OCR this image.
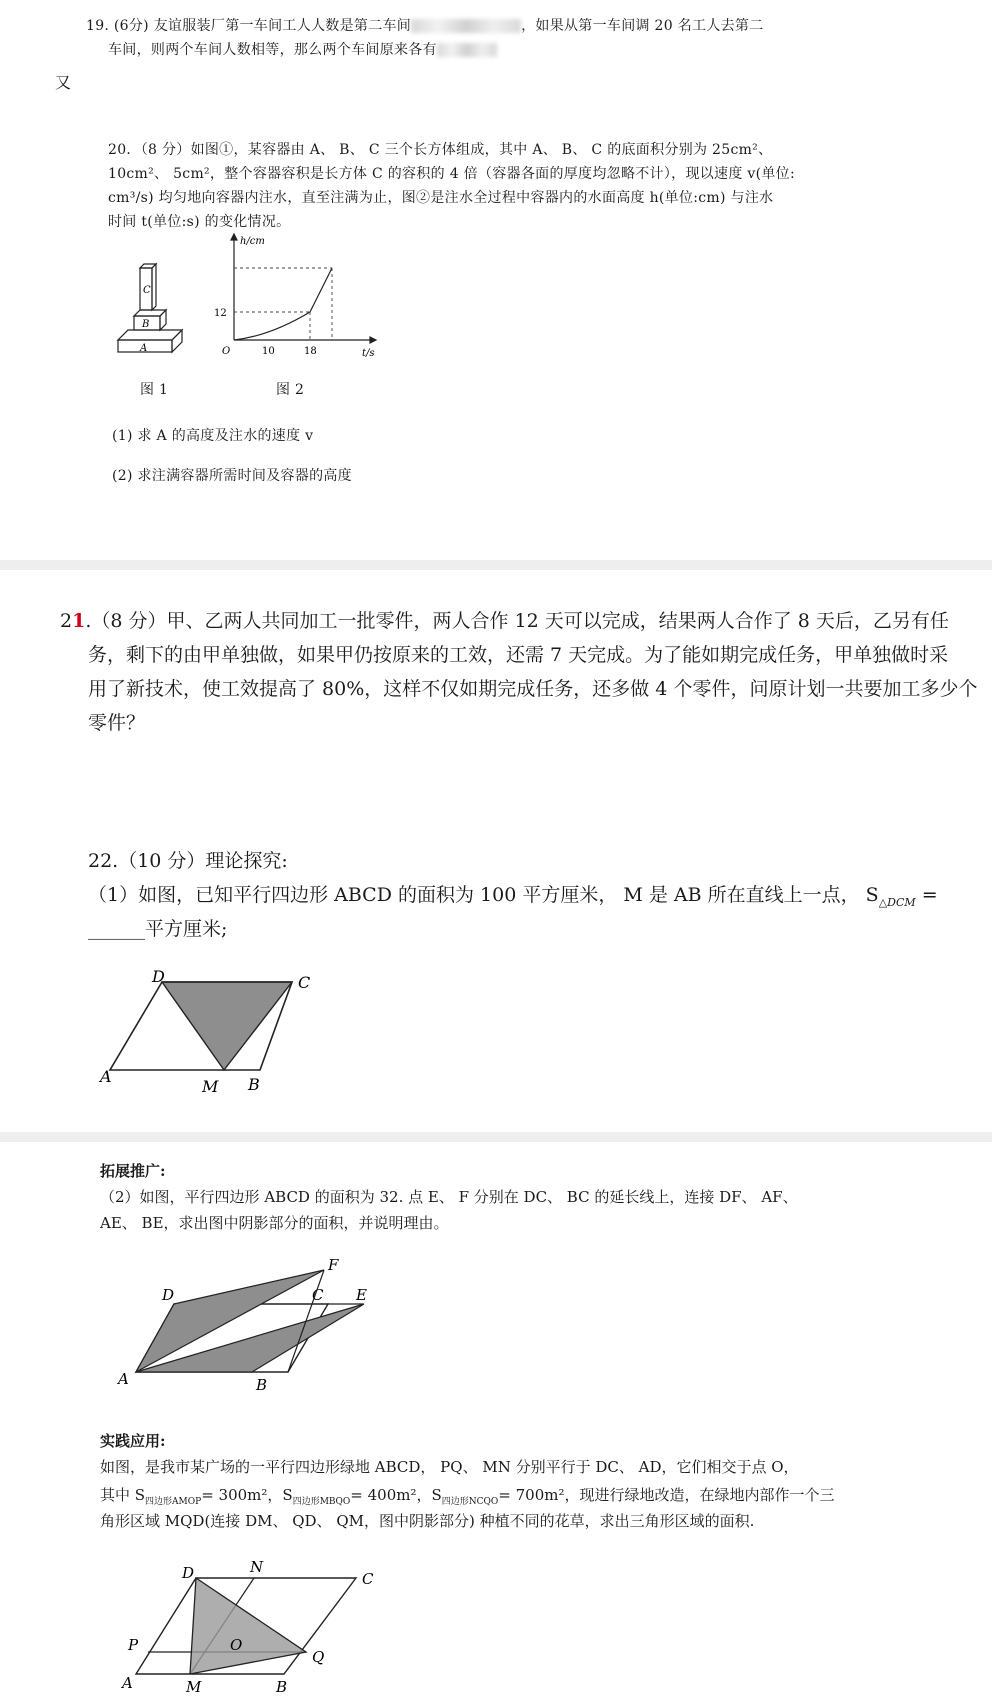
19. (6分) 友谊服装厂第一车间工人人数是第二车间	，如果从第一车间调 20 名工人去第二

车间，则两个车间人数相等，那么两个车间原来各有

又

20．（8 分）如图①，某容器由 A、 B、 C 三个长方体组成，其中 A、 B、 C 的底面积分别为 25cm²、

10cm²、 5cm²，整个容器容积是长方体 C 的容积的 4 倍（容器各面的厚度均忽略不计），现以速度 v(单位:

cm³/s) 均匀地向容器内注水，直至注满为止，图②是注水全过程中容器内的水面高度 h(单位:cm) 与注水

时间 t(单位:s) 的变化情况。

C
B
A

图 1

h/cm
t/s
O
12
10	18

图 2

(1) 求 A 的高度及注水的速度 v

(2) 求注满容器所需时间及容器的高度

21.（8 分）甲、乙两人共同加工一批零件，两人合作 12 天可以完成，结果两人合作了 8 天后，乙另有任

务，剩下的由甲单独做，如果甲仍按原来的工效，还需 7 天完成。为了能如期完成任务，甲单独做时采

用了新技术，使工效提高了 80%，这样不仅如期完成任务，还多做 4 个零件，问原计划一共要加工多少个

零件？

22.（10 分）理论探究:

（1）如图，已知平行四边形 ABCD 的面积为 100 平方厘米， M 是 AB 所在直线上一点， $S_{\triangle DCM}$ =

______平方厘米;

D	C
A
M B

拓展推广:

（2）如图，平行四边形 ABCD 的面积为 32. 点 E、 F 分别在 DC、 BC 的延长线上，连接 DF、 AF、

AE、 BE，求出图中阴影部分的面积，并说明理由。

D	C E
F
A	B

实践应用:

如图，是我市某广场的一平行四边形绿地 ABCD， PQ、 MN 分别平行于 DC、 AD，它们相交于点 O，

其中 $S_{四边形AMOP}= 300m^2$，$S_{四边形MBQO}= 400m^2$，$S_{四边形NCQO}= 700m^2$，现进行绿地改造，在绿地内部作一个三

角形区域 MQD(连接 DM、 QD、 QM，图中阴影部分) 种植不同的花草，求出三角形区域的面积.

D	N
C
P	O
Q
A	M	B
